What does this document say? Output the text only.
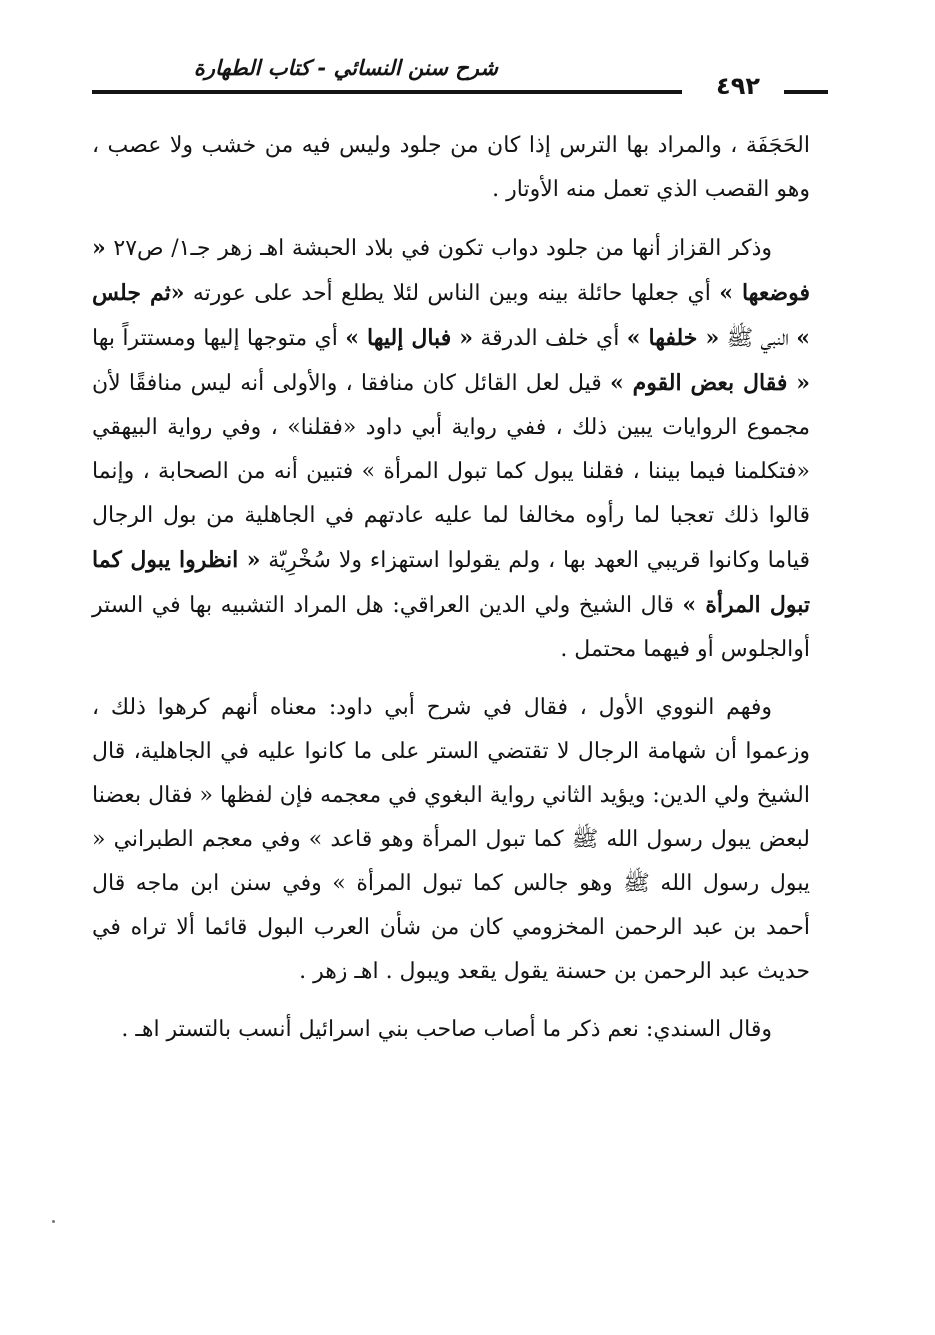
شرح سنن النسائي - كتاب الطهارة
٤٩٢

الحَجَفَة ، والمراد بها الترس إذا كان من جلود وليس فيه من خشب ولا عصب ، وهو القصب الذي تعمل منه الأوتار .

وذكر القزاز أنها من جلود دواب تكون في بلاد الحبشة اهـ زهر جـ١/ ص٢٧ « فوضعها » أي جعلها حائلة بينه وبين الناس لئلا يطلع أحد على عورته «ثم جلس » النبي ﷺ « خلفها » أي خلف الدرقة « فبال إليها » أي متوجها إليها ومستتراً بها « فقال بعض القوم » قيل لعل القائل كان منافقا ، والأولى أنه ليس منافقًا لأن مجموع الروايات يبين ذلك ، ففي رواية أبي داود «فقلنا» ، وفي رواية البيهقي «فتكلمنا فيما بيننا ، فقلنا يبول كما تبول المرأة » فتبين أنه من الصحابة ، وإنما قالوا ذلك تعجبا لما رأوه مخالفا لما عليه عادتهم في الجاهلية من بول الرجال قياما وكانوا قريبي العهد بها ، ولم يقولوا استهزاء ولا سُخْرِيّة « انظروا يبول كما تبول المرأة » قال الشيخ ولي الدين العراقي: هل المراد التشبيه بها في الستر أوالجلوس أو فيهما محتمل .

وفهم النووي الأول ، فقال في شرح أبي داود: معناه أنهم كرهوا ذلك ، وزعموا أن شهامة الرجال لا تقتضي الستر على ما كانوا عليه في الجاهلية، قال الشيخ ولي الدين: ويؤيد الثاني رواية البغوي في معجمه فإن لفظها « فقال بعضنا لبعض يبول رسول الله ﷺ كما تبول المرأة وهو قاعد » وفي معجم الطبراني « يبول رسول الله ﷺ وهو جالس كما تبول المرأة » وفي سنن ابن ماجه قال أحمد بن عبد الرحمن المخزومي كان من شأن العرب البول قائما ألا تراه في حديث عبد الرحمن بن حسنة يقول يقعد ويبول . اهـ زهر .

وقال السندي: نعم ذكر ما أصاب صاحب بني اسرائيل أنسب بالتستر اهـ .
